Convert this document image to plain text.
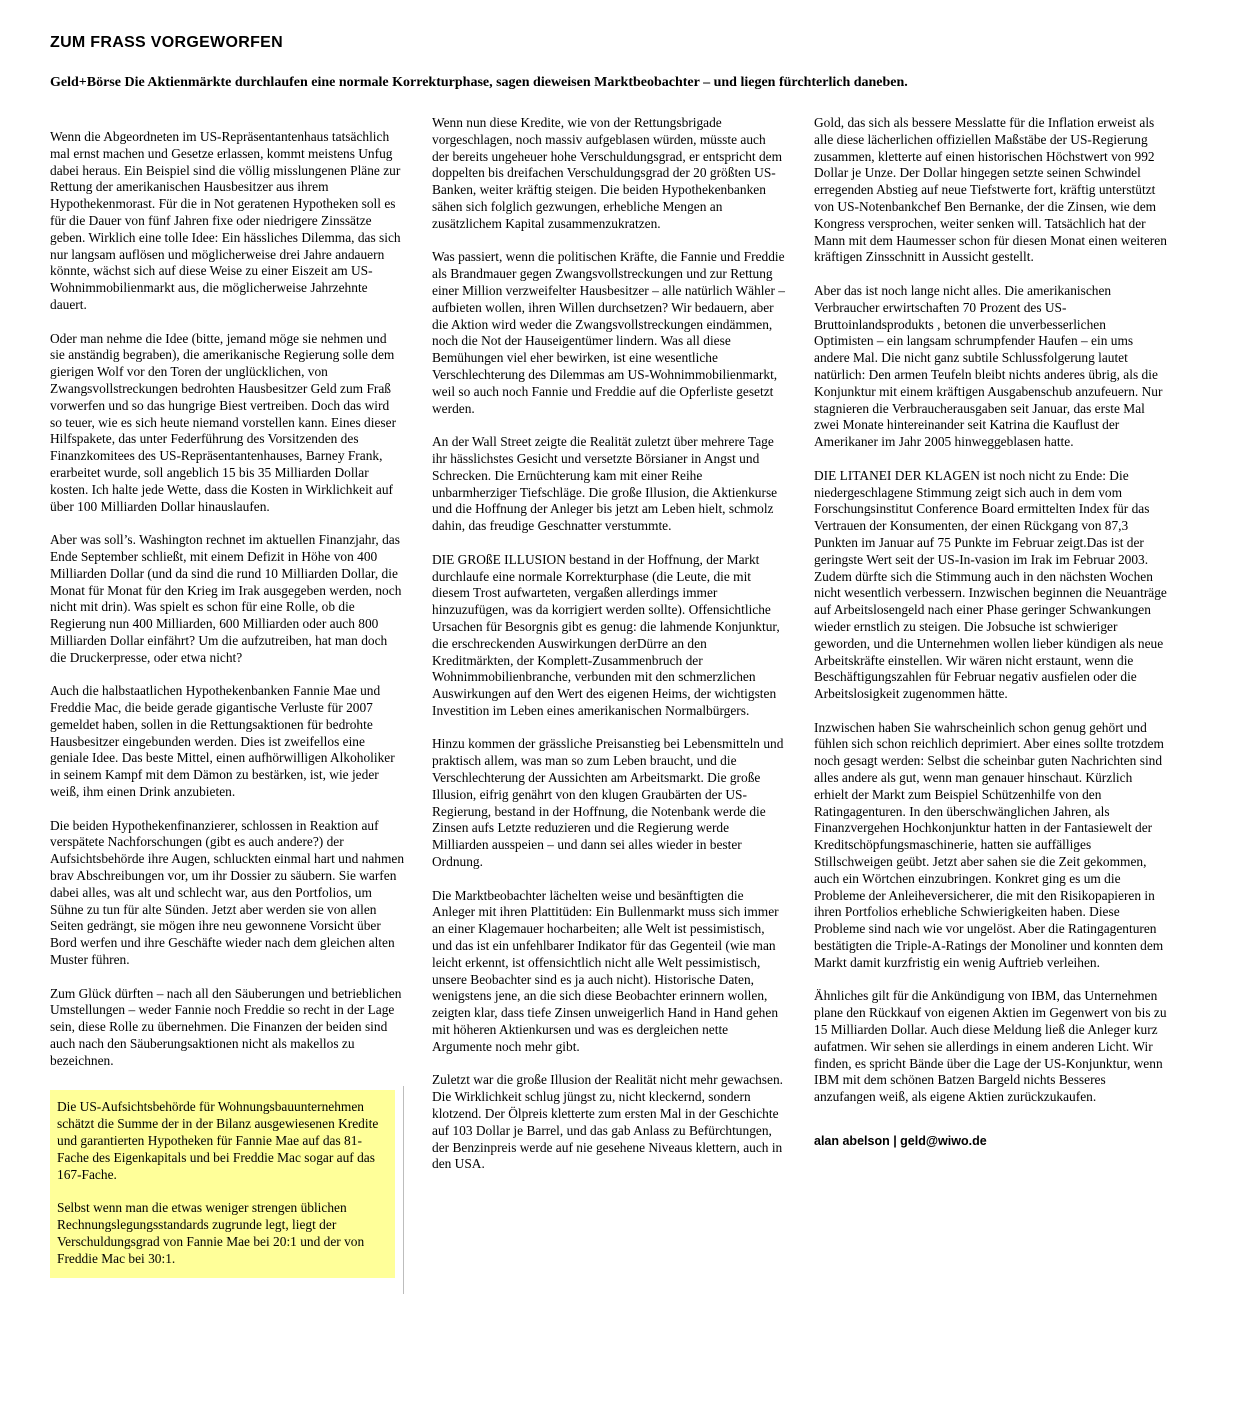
ZUM FRASS VORGEWORFEN

Geld+Börse Die Aktienmärkte durchlaufen eine normale Korrekturphase, sagen dieweisen Marktbeobachter – und liegen fürchterlich daneben.

Wenn die Abgeordneten im US-Repräsentantenhaus tatsächlich mal ernst machen und Gesetze erlassen, kommt meistens Unfug dabei heraus. Ein Beispiel sind die völlig misslungenen Pläne zur Rettung der amerikanischen Hausbesitzer aus ihrem Hypothekenmorast. Für die in Not geratenen Hypotheken soll es für die Dauer von fünf Jahren fixe oder niedrigere Zinssätze geben. Wirklich eine tolle Idee: Ein hässliches Dilemma, das sich nur langsam auflösen und möglicherweise drei Jahre andauern könnte, wächst sich auf diese Weise zu einer Eiszeit am US-Wohnimmobilienmarkt aus, die möglicherweise Jahrzehnte dauert.

Oder man nehme die Idee (bitte, jemand möge sie nehmen und sie anständig begraben), die amerikanische Regierung solle dem gierigen Wolf vor den Toren der unglücklichen, von Zwangsvollstreckungen bedrohten Hausbesitzer Geld zum Fraß vorwerfen und so das hungrige Biest vertreiben. Doch das wird so teuer, wie es sich heute niemand vorstellen kann. Eines dieser Hilfspakete, das unter Federführung des Vorsitzenden des Finanzkomitees des US-Repräsentantenhauses, Barney Frank, erarbeitet wurde, soll angeblich 15 bis 35 Milliarden Dollar kosten. Ich halte jede Wette, dass die Kosten in Wirklichkeit auf über 100 Milliarden Dollar hinauslaufen.

Aber was soll’s. Washington rechnet im aktuellen Finanzjahr, das Ende September schließt, mit einem Defizit in Höhe von 400 Milliarden Dollar (und da sind die rund 10 Milliarden Dollar, die Monat für Monat für den Krieg im Irak ausgegeben werden, noch nicht mit drin). Was spielt es schon für eine Rolle, ob die Regierung nun 400 Milliarden, 600 Milliarden oder auch 800 Milliarden Dollar einfährt? Um die aufzutreiben, hat man doch die Druckerpresse, oder etwa nicht?

Auch die halbstaatlichen Hypothekenbanken Fannie Mae und Freddie Mac, die beide gerade gigantische Verluste für 2007 gemeldet haben, sollen in die Rettungsaktionen für bedrohte Hausbesitzer eingebunden werden. Dies ist zweifellos eine geniale Idee. Das beste Mittel, einen aufhörwilligen Alkoholiker in seinem Kampf mit dem Dämon zu bestärken, ist, wie jeder weiß, ihm einen Drink anzubieten.

Die beiden Hypothekenfinanzierer, schlossen in Reaktion auf verspätete Nachforschungen (gibt es auch andere?) der Aufsichtsbehörde ihre Augen, schluckten einmal hart und nahmen brav Abschreibungen vor, um ihr Dossier zu säubern. Sie warfen dabei alles, was alt und schlecht war, aus den Portfolios, um Sühne zu tun für alte Sünden. Jetzt aber werden sie von allen Seiten gedrängt, sie mögen ihre neu gewonnene Vorsicht über Bord werfen und ihre Geschäfte wieder nach dem gleichen alten Muster führen.

Zum Glück dürften – nach all den Säuberungen und betrieblichen Umstellungen – weder Fannie noch Freddie so recht in der Lage sein, diese Rolle zu übernehmen. Die Finanzen der beiden sind auch nach den Säuberungsaktionen nicht als makellos zu bezeichnen.

Die US-Aufsichtsbehörde für Wohnungsbauunternehmen schätzt die Summe der in der Bilanz ausgewiesenen Kredite und garantierten Hypotheken für Fannie Mae auf das 81-Fache des Eigenkapitals und bei Freddie Mac sogar auf das 167-Fache.

Selbst wenn man die etwas weniger strengen üblichen Rechnungslegungsstandards zugrunde legt, liegt der Verschuldungsgrad von Fannie Mae bei 20:1 und der von Freddie Mac bei 30:1.

Wenn nun diese Kredite, wie von der Rettungsbrigade vorgeschlagen, noch massiv aufgeblasen würden, müsste auch der bereits ungeheuer hohe Verschuldungsgrad, er entspricht dem doppelten bis dreifachen Verschuldungsgrad der 20 größten US-Banken, weiter kräftig steigen. Die beiden Hypothekenbanken sähen sich folglich gezwungen, erhebliche Mengen an zusätzlichem Kapital zusammenzukratzen.

Was passiert, wenn die politischen Kräfte, die Fannie und Freddie als Brandmauer gegen Zwangsvollstreckungen und zur Rettung einer Million verzweifelter Hausbesitzer – alle natürlich Wähler – aufbieten wollen, ihren Willen durchsetzen? Wir bedauern, aber die Aktion wird weder die Zwangsvollstreckungen eindämmen, noch die Not der Hauseigentümer lindern. Was all diese Bemühungen viel eher bewirken, ist eine wesentliche Verschlechterung des Dilemmas am US-Wohnimmobilienmarkt, weil so auch noch Fannie und Freddie auf die Opferliste gesetzt werden.

An der Wall Street zeigte die Realität zuletzt über mehrere Tage ihr hässlichstes Gesicht und versetzte Börsianer in Angst und Schrecken. Die Ernüchterung kam mit einer Reihe unbarmherziger Tiefschläge. Die große Illusion, die Aktienkurse und die Hoffnung der Anleger bis jetzt am Leben hielt, schmolz dahin, das freudige Geschnatter verstummte.

DIE GROßE ILLUSION bestand in der Hoffnung, der Markt durchlaufe eine normale Korrekturphase (die Leute, die mit diesem Trost aufwarteten, vergaßen allerdings immer hinzuzufügen, was da korrigiert werden sollte). Offensichtliche Ursachen für Besorgnis gibt es genug: die lahmende Konjunktur, die erschreckenden Auswirkungen derDürre an den Kreditmärkten, der Komplett-Zusammenbruch der Wohnimmobilienbranche, verbunden mit den schmerzlichen Auswirkungen auf den Wert des eigenen Heims, der wichtigsten Investition im Leben eines amerikanischen Normalbürgers.

Hinzu kommen der grässliche Preisanstieg bei Lebensmitteln und praktisch allem, was man so zum Leben braucht, und die Verschlechterung der Aussichten am Arbeitsmarkt. Die große Illusion, eifrig genährt von den klugen Graubärten der US-Regierung, bestand in der Hoffnung, die Notenbank werde die Zinsen aufs Letzte reduzieren und die Regierung werde Milliarden ausspeien – und dann sei alles wieder in bester Ordnung.

Die Marktbeobachter lächelten weise und besänftigten die Anleger mit ihren Plattitüden: Ein Bullenmarkt muss sich immer an einer Klagemauer hocharbeiten; alle Welt ist pessimistisch, und das ist ein unfehlbarer Indikator für das Gegenteil (wie man leicht erkennt, ist offensichtlich nicht alle Welt pessimistisch, unsere Beobachter sind es ja auch nicht). Historische Daten, wenigstens jene, an die sich diese Beobachter erinnern wollen, zeigten klar, dass tiefe Zinsen unweigerlich Hand in Hand gehen mit höheren Aktienkursen und was es dergleichen nette Argumente noch mehr gibt.

Zuletzt war die große Illusion der Realität nicht mehr gewachsen. Die Wirklichkeit schlug jüngst zu, nicht kleckernd, sondern klotzend. Der Ölpreis kletterte zum ersten Mal in der Geschichte auf 103 Dollar je Barrel, und das gab Anlass zu Befürchtungen, der Benzinpreis werde auf nie gesehene Niveaus klettern, auch in den USA.

Gold, das sich als bessere Messlatte für die Inflation erweist als alle diese lächerlichen offiziellen Maßstäbe der US-Regierung zusammen, kletterte auf einen historischen Höchstwert von 992 Dollar je Unze. Der Dollar hingegen setzte seinen Schwindel erregenden Abstieg auf neue Tiefstwerte fort, kräftig unterstützt von US-Notenbankchef Ben Bernanke, der die Zinsen, wie dem Kongress versprochen, weiter senken will. Tatsächlich hat der Mann mit dem Haumesser schon für diesen Monat einen weiteren kräftigen Zinsschnitt in Aussicht gestellt.

Aber das ist noch lange nicht alles. Die amerikanischen Verbraucher erwirtschaften 70 Prozent des US-Bruttoinlandsprodukts , betonen die unverbesserlichen Optimisten – ein langsam schrumpfender Haufen – ein ums andere Mal. Die nicht ganz subtile Schlussfolgerung lautet natürlich: Den armen Teufeln bleibt nichts anderes übrig, als die Konjunktur mit einem kräftigen Ausgabenschub anzufeuern. Nur stagnieren die Verbraucherausgaben seit Januar, das erste Mal zwei Monate hintereinander seit Katrina die Kauflust der Amerikaner im Jahr 2005 hinweggeblasen hatte.

DIE LITANEI DER KLAGEN ist noch nicht zu Ende: Die niedergeschlagene Stimmung zeigt sich auch in dem vom Forschungsinstitut Conference Board ermittelten Index für das Vertrauen der Konsumenten, der einen Rückgang von 87,3 Punkten im Januar auf 75 Punkte im Februar zeigt.Das ist der geringste Wert seit der US-In-vasion im Irak im Februar 2003. Zudem dürfte sich die Stimmung auch in den nächsten Wochen nicht wesentlich verbessern. Inzwischen beginnen die Neuanträge auf Arbeitslosengeld nach einer Phase geringer Schwankungen wieder ernstlich zu steigen. Die Jobsuche ist schwieriger geworden, und die Unternehmen wollen lieber kündigen als neue Arbeitskräfte einstellen. Wir wären nicht erstaunt, wenn die Beschäftigungszahlen für Februar negativ ausfielen oder die Arbeitslosigkeit zugenommen hätte.

Inzwischen haben Sie wahrscheinlich schon genug gehört und fühlen sich schon reichlich deprimiert. Aber eines sollte trotzdem noch gesagt werden: Selbst die scheinbar guten Nachrichten sind alles andere als gut, wenn man genauer hinschaut. Kürzlich erhielt der Markt zum Beispiel Schützenhilfe von den Ratingagenturen. In den überschwänglichen Jahren, als Finanzvergehen Hochkonjunktur hatten in der Fantasiewelt der Kreditschöpfungsmaschinerie, hatten sie auffälliges Stillschweigen geübt. Jetzt aber sahen sie die Zeit gekommen, auch ein Wörtchen einzubringen. Konkret ging es um die Probleme der Anleiheversicherer, die mit den Risikopapieren in ihren Portfolios erhebliche Schwierigkeiten haben. Diese Probleme sind nach wie vor ungelöst. Aber die Ratingagenturen bestätigten die Triple-A-Ratings der Monoliner und konnten dem Markt damit kurzfristig ein wenig Auftrieb verleihen.

Ähnliches gilt für die Ankündigung von IBM, das Unternehmen plane den Rückkauf von eigenen Aktien im Gegenwert von bis zu 15 Milliarden Dollar. Auch diese Meldung ließ die Anleger kurz aufatmen. Wir sehen sie allerdings in einem anderen Licht. Wir finden, es spricht Bände über die Lage der US-Konjunktur, wenn IBM mit dem schönen Batzen Bargeld nichts Besseres anzufangen weiß, als eigene Aktien zurückzukaufen.

alan abelson | geld@wiwo.de
